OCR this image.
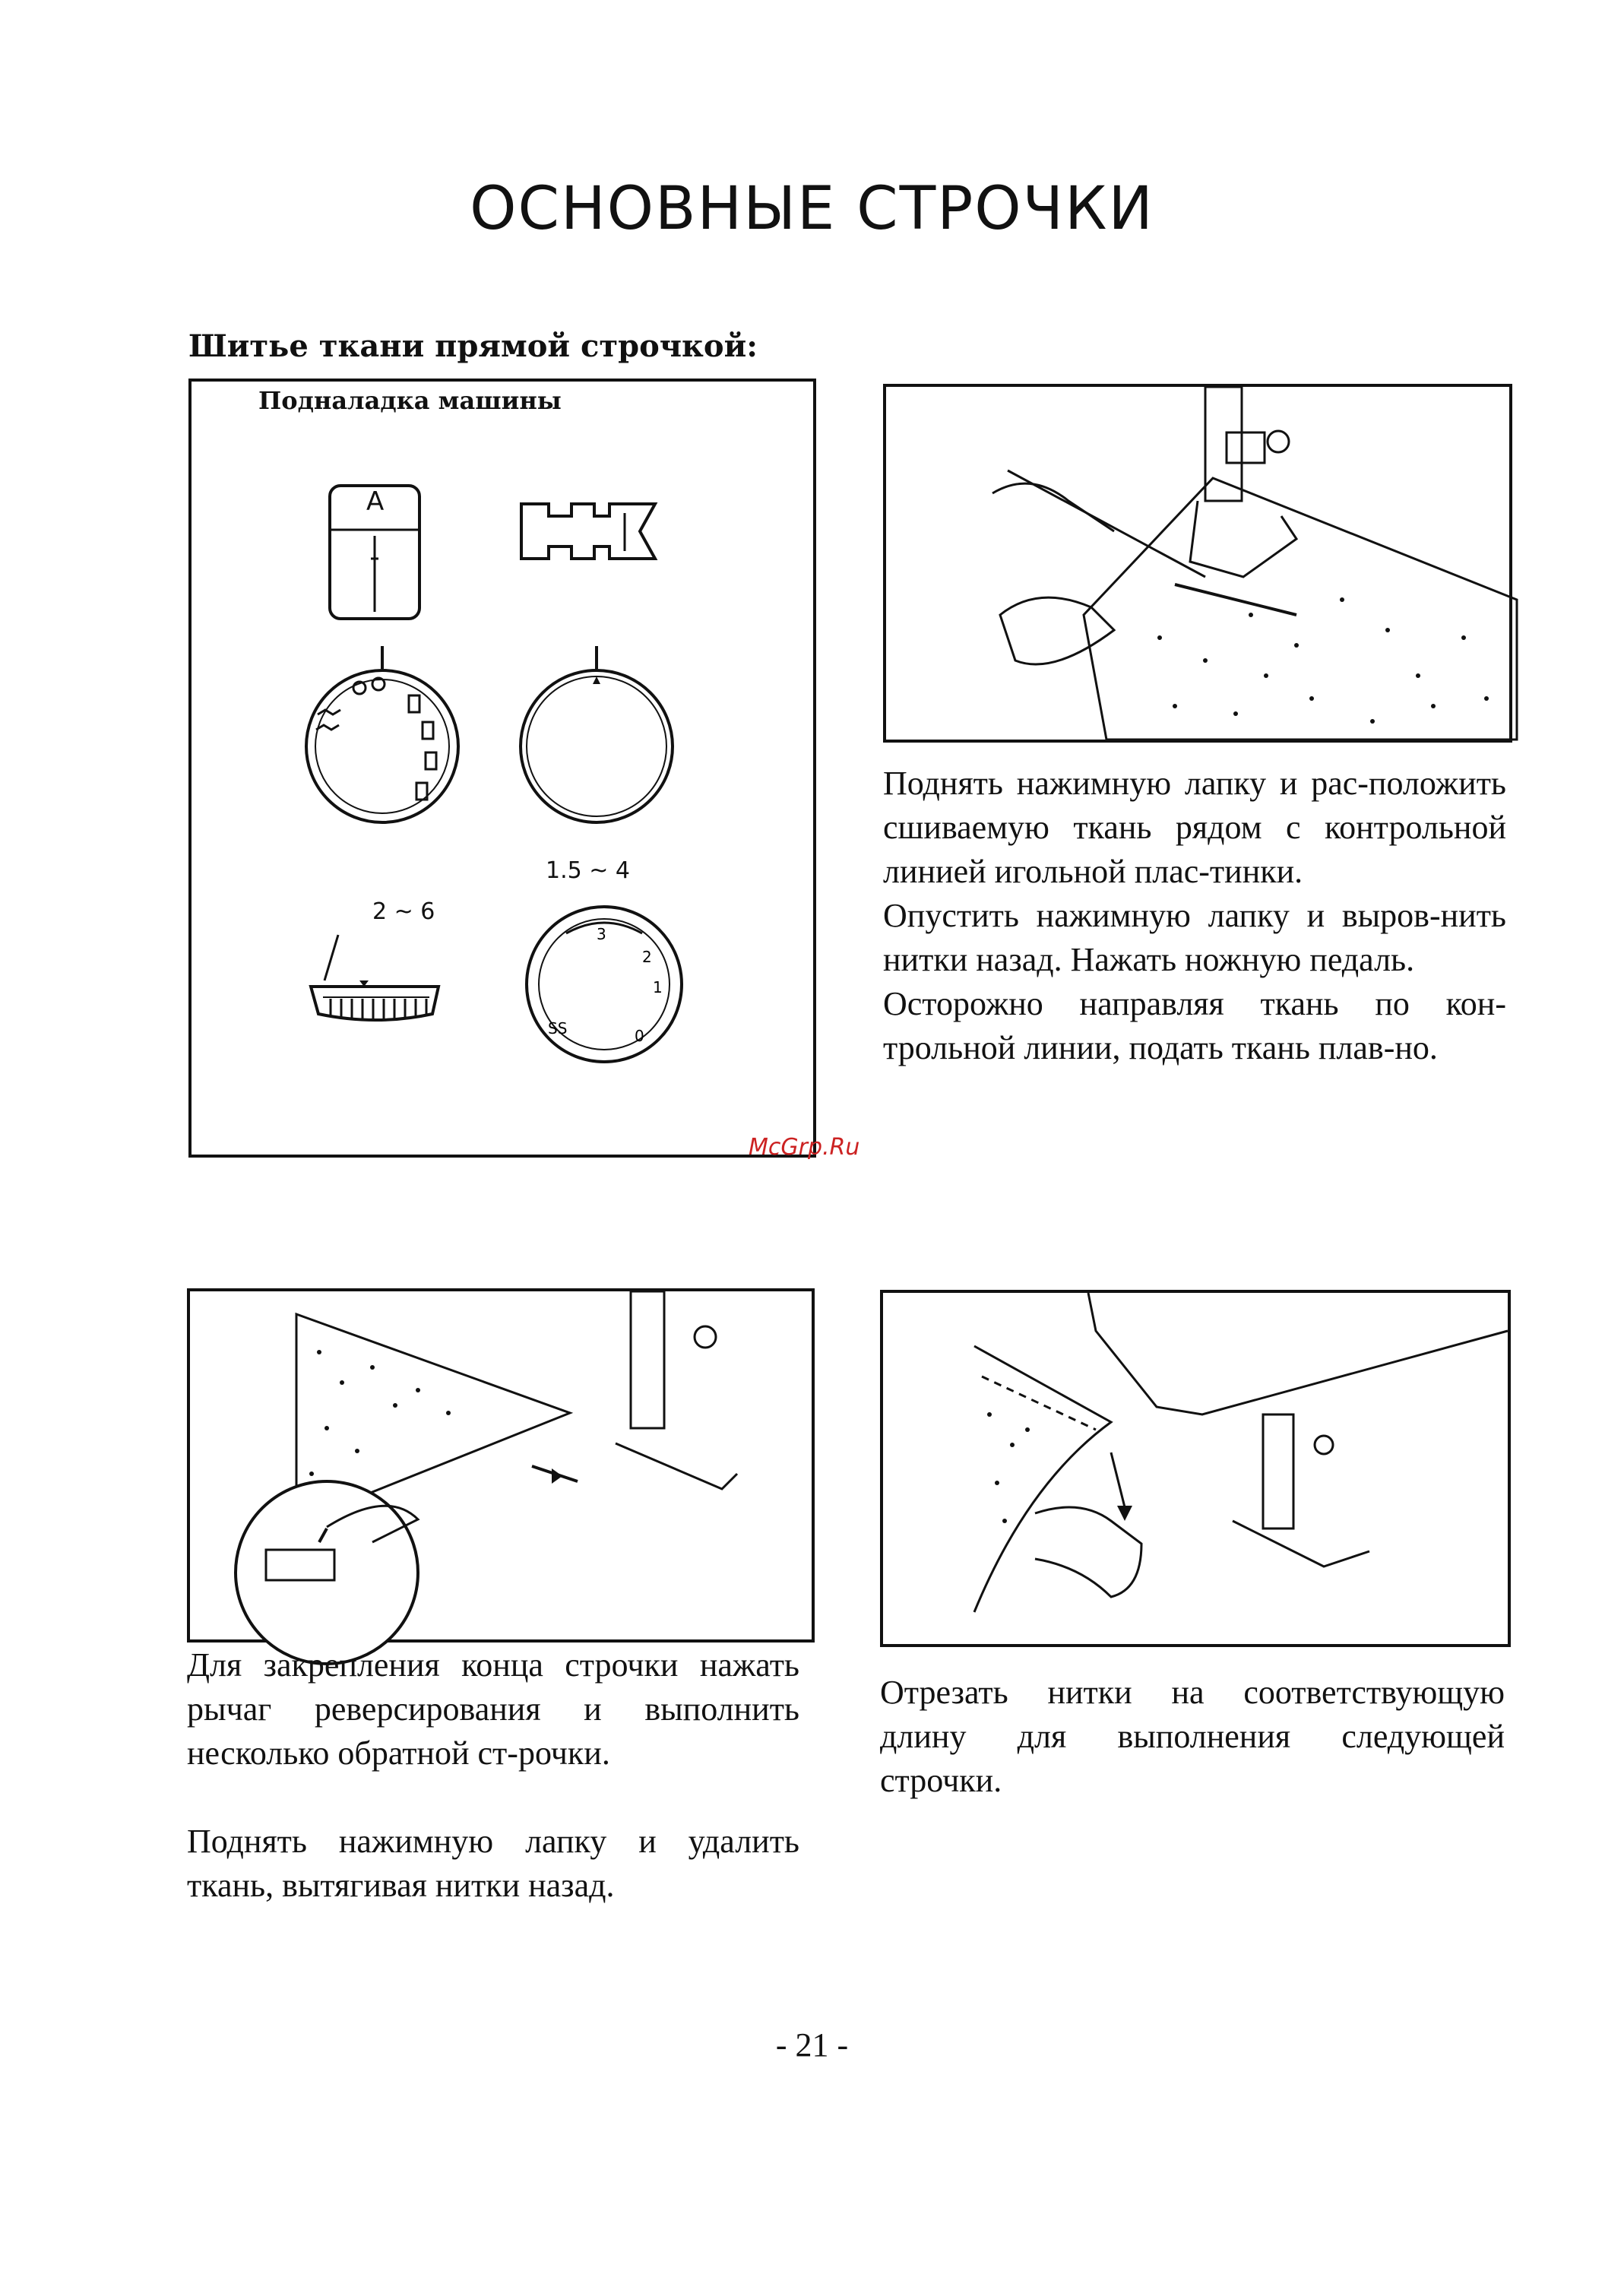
ОСНОВНЫЕ СТРОЧКИ
Шитье ткани прямой строчкой:
Подналадка машины
A
2 ~ 6
1.5 ~ 4
3
2
1
0
SS

Поднять нажимную лапку и рас-положить сшиваемую ткань рядом с контрольной линией игольной плас-тинки.

Опустить нажимную лапку и выров-нить нитки назад. Нажать ножную педаль.

Осторожно направляя ткань по кон-трольной линии, подать ткань плав-но.

McGrp.Ru

Для закрепления конца строчки нажать рычаг реверсирования и выполнить несколько обратной ст-рочки.

Поднять нажимную лапку и удалить ткань, вытягивая нитки назад.

Отрезать нитки на соответствующую длину для выполнения следующей строчки.

- 21 -
